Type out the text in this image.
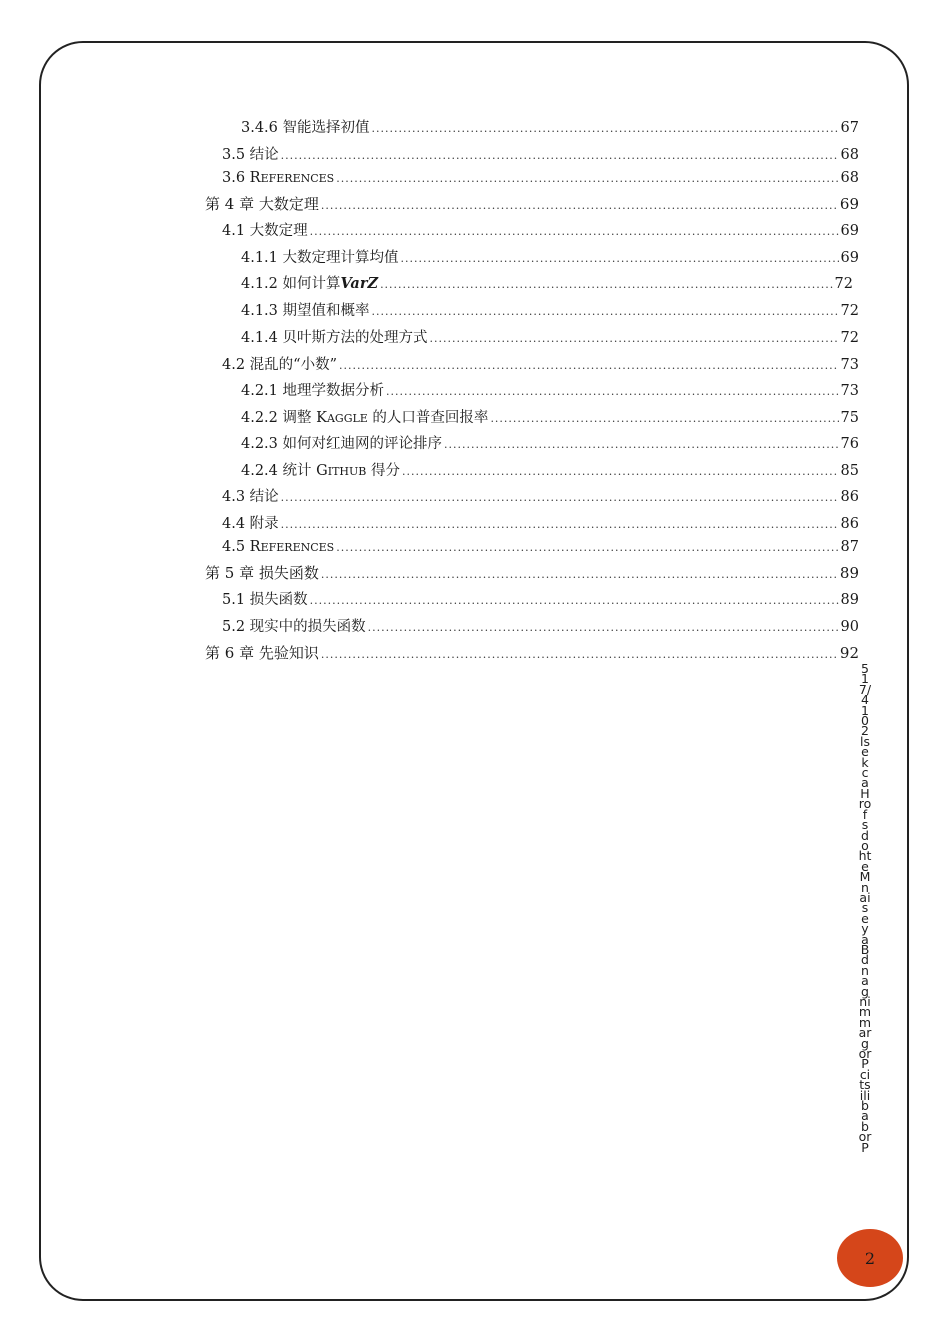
3.4.6 智能选择初值 .....	67
3.5 结论 .....	68
3.6 REFERENCES .....	68
第 4 章 大数定理 .....	69
4.1 大数定理 .....	69
4.1.1 大数定理计算均值 .....	69
4.1.2 如何计算VarZ .....	72
4.1.3 期望值和概率 .....	72
4.1.4 贝叶斯方法的处理方式 .....	72
4.2 混乱的“小数” .....	73
4.2.1 地理学数据分析 .....	73
4.2.2 调整 KAGGLE 的人口普查回报率 .....	75
4.2.3 如何对红迪网的评论排序 .....	76
4.2.4 统计 GITHUB 得分 .....	85
4.3 结论 .....	86
4.4 附录 .....	86
4.5 REFERENCES .....	87
第 5 章 损失函数 .....	89
5.1 损失函数 .....	89
5.2 现实中的损失函数 .....	90
第 6 章 先验知识 .....	92
517/4102 lsekcaH rof sdohteM naiseyaB dna gnimmargorP citsilibaborP
2
